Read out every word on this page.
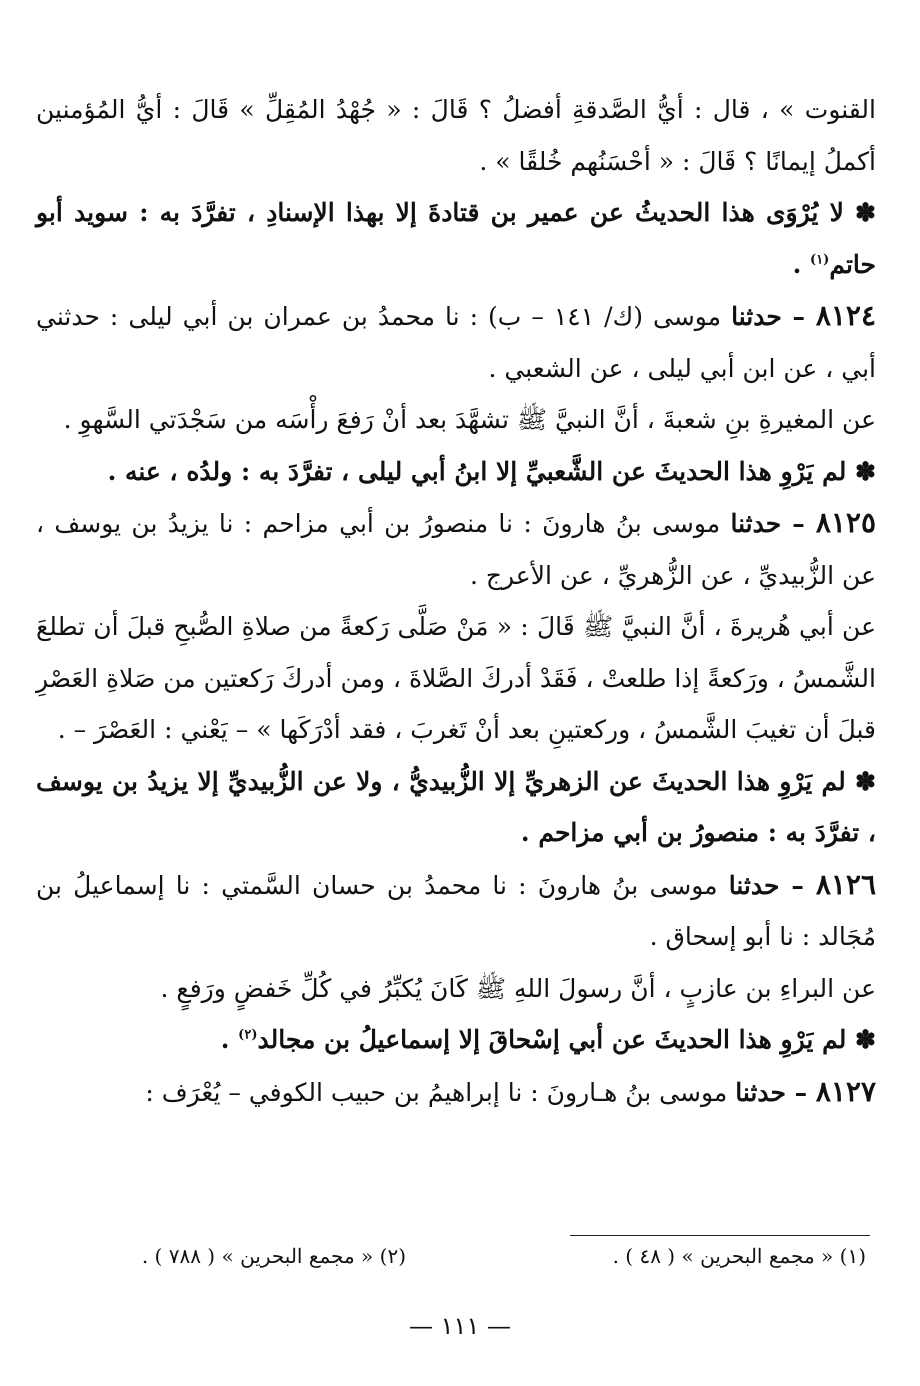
القنوت » ، قال : أيُّ الصَّدقةِ أفضلُ ؟ قَالَ : « جُهْدُ المُقِلِّ » قَالَ : أيُّ المُؤمنين أكملُ إيمانًا ؟ قَالَ : « أحْسَنُهم خُلقًا » .

✽ لا يُرْوَى هذا الحديثُ عن عمير بن قتادةَ إلا بهذا الإسنادِ ، تفرَّدَ به : سويد أبو حاتم$^{(١)}$ .

٨١٢٤ – حدثنا موسى (ك/ ١٤١ – ب) : نا محمدُ بن عمران بن أبي ليلى : حدثني أبي ، عن ابن أبي ليلى ، عن الشعبي .

عن المغيرةِ بنِ شعبةَ ، أنَّ النبيَّ ﷺ تشهَّدَ بعد أنْ رَفعَ رأْسَه من سَجْدَتي السَّهوِ .

✽ لم يَرْوِ هذا الحديثَ عن الشَّعبيِّ إلا ابنُ أبي ليلى ، تفرَّدَ به : ولدُه ، عنه .

٨١٢٥ – حدثنا موسى بنُ هارونَ : نا منصورُ بن أبي مزاحم : نا يزيدُ بن يوسف ، عن الزُّبيديِّ ، عن الزُّهريِّ ، عن الأعرج .

عن أبي هُريرةَ ، أنَّ النبيَّ ﷺ قَالَ : « مَنْ صَلَّى رَكعةً من صلاةِ الصُّبحِ قبلَ أن تطلعَ الشَّمسُ ، ورَكعةً إذا طلعتْ ، فَقَدْ أدركَ الصَّلاةَ ، ومن أدركَ رَكعتين من صَلاةِ العَصْرِ قبلَ أن تغيبَ الشَّمسُ ، وركعتينِ بعد أنْ تَغربَ ، فقد أدْرَكَها » – يَعْني : العَصْرَ – .

✽ لم يَرْوِ هذا الحديثَ عن الزهريِّ إلا الزُّبيديُّ ، ولا عن الزُّبيديِّ إلا يزيدُ بن يوسف ، تفرَّدَ به : منصورُ بن أبي مزاحم .

٨١٢٦ – حدثنا موسى بنُ هارونَ : نا محمدُ بن حسان السَّمتي : نا إسماعيلُ بن مُجَالد : نا أبو إسحاق .

عن البراءِ بن عازبٍ ، أنَّ رسولَ اللهِ ﷺ كَانَ يُكبِّرُ في كُلِّ خَفضٍ ورَفعٍ .

✽ لم يَرْوِ هذا الحديثَ عن أبي إسْحاقَ إلا إسماعيلُ بن مجالد$^{(٢)}$ .

٨١٢٧ – حدثنا موسى بنُ هـارونَ : نا إبراهيمُ بن حبيب الكوفي – يُعْرَف :

(١) « مجمع البحرين » ( ٤٨ ) .
(٢) « مجمع البحرين » ( ٧٨٨ ) .
— ١١١ —
